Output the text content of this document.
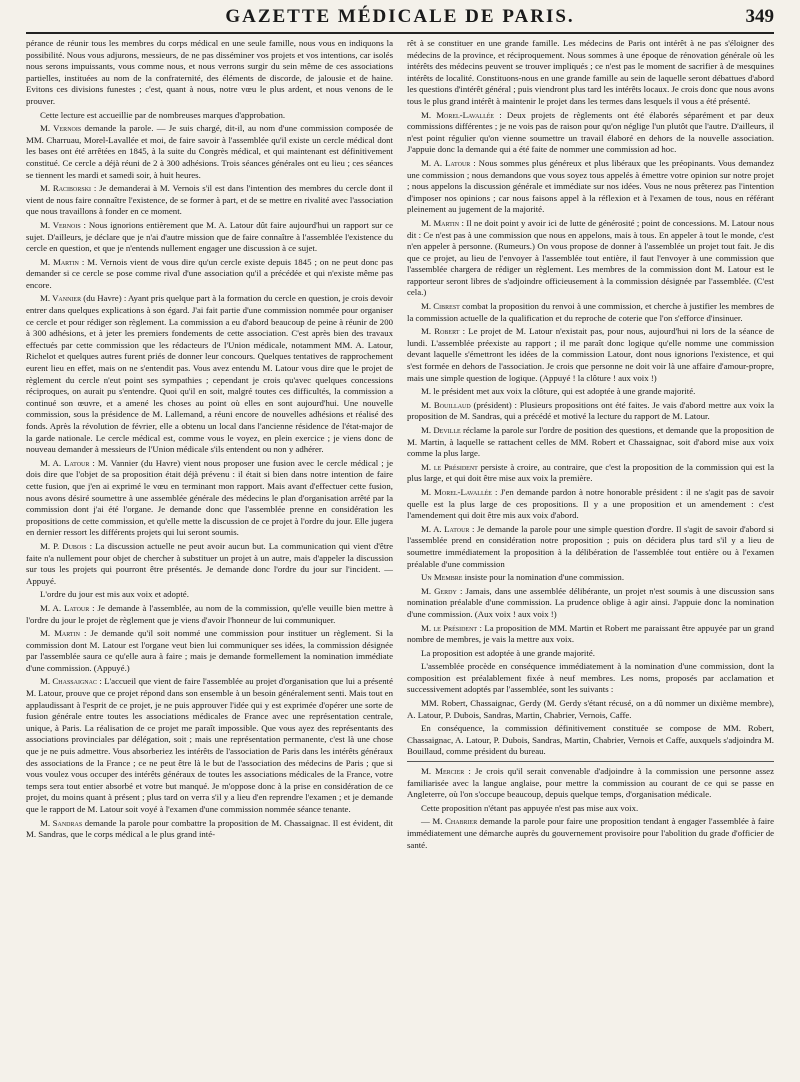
GAZETTE MÉDICALE DE PARIS.	349

pérance de réunir tous les membres du corps médical en une seule famille, nous vous en indiquons la possibilité. Nous vous adjurons, messieurs, de ne pas disséminer vos projets et vos intentions, car isolés nous serons impuissants, vous comme nous, et nous verrons surgir du sein même de ces associations partielles, instituées au nom de la confraternité, des éléments de discorde, de jalousie et de haine. Evitons ces divisions funestes ; c'est, quant à nous, notre vœu le plus ardent, et nous venons de le prouver.

Cette lecture est accueillie par de nombreuses marques d'approbation.

M. Vernois demande la parole. — Je suis chargé, dit-il, au nom d'une commission composée de MM. Charruau, Morel-Lavallée et moi, de faire savoir à l'assemblée qu'il existe un cercle médical dont les bases ont été arrêtées en 1845, à la suite du Congrès médical, et qui maintenant est définitivement constitué. Ce cercle a déjà réuni de 2 à 300 adhésions. Trois séances générales ont eu lieu ; ces séances se tiennent les mardi et samedi soir, à huit heures.

M. Raciborski : Je demanderai à M. Vernois s'il est dans l'intention des membres du cercle dont il vient de nous faire connaître l'existence, de se former à part, et de se mettre en rivalité avec l'association que nous travaillons à fonder en ce moment.

M. Vernois : Nous ignorions entièrement que M. A. Latour dût faire aujourd'hui un rapport sur ce sujet. D'ailleurs, je déclare que je n'ai d'autre mission que de faire connaître à l'assemblée l'existence du cercle en question, et que je n'entends nullement engager une discussion à ce sujet.

M. Martin : M. Vernois vient de vous dire qu'un cercle existe depuis 1845 ; on ne peut donc pas demander si ce cercle se pose comme rival d'une association qu'il a précédée et qui n'existe même pas encore.

M. Vannier (du Havre) : Ayant pris quelque part à la formation du cercle en question, je crois devoir entrer dans quelques explications à son égard. J'ai fait partie d'une commission nommée pour organiser ce cercle et pour rédiger son règlement. La commission a eu d'abord beaucoup de peine à réunir de 200 à 300 adhésions, et à jeter les premiers fondements de cette association. C'est après bien des travaux effectués par cette commission que les rédacteurs de l'Union médicale, notamment MM. A. Latour, Richelot et quelques autres furent priés de donner leur concours. Quelques tentatives de rapprochement eurent lieu en effet, mais on ne s'entendit pas. Vous avez entendu M. Latour vous dire que le projet de règlement du cercle n'eut point ses sympathies ; cependant je crois qu'avec quelques concessions réciproques, on aurait pu s'entendre. Quoi qu'il en soit, malgré toutes ces difficultés, la commission a continué son œuvre, et a amené les choses au point où elles en sont aujourd'hui. Une nouvelle commission, sous la présidence de M. Lallemand, a réuni encore de nouvelles adhésions et réalisé des fonds. Après la révolution de février, elle a obtenu un local dans l'ancienne résidence de l'état-major de la garde nationale. Le cercle médical est, comme vous le voyez, en plein exercice ; je viens donc de nouveau demander à messieurs de l'Union médicale s'ils entendent ou non y adhérer.

M. A. Latour : M. Vannier (du Havre) vient nous proposer une fusion avec le cercle médical ; je dois dire que l'objet de sa proposition était déjà prévenu : il était si bien dans notre intention de faire cette fusion, que j'en ai exprimé le vœu en terminant mon rapport. Mais avant d'effectuer cette fusion, nous avons désiré soumettre à une assemblée générale des médecins le plan d'organisation arrêté par la commission dont j'ai été l'organe. Je demande donc que l'assemblée prenne en considération les propositions de cette commission, et qu'elle mette la discussion de ce projet à l'ordre du jour. Elle jugera en dernier ressort les différents projets qui lui seront soumis.

M. P. Dubois : La discussion actuelle ne peut avoir aucun but. La communication qui vient d'être faite n'a nullement pour objet de chercher à substituer un projet à un autre, mais d'appeler la discussion sur tous les projets qui pourront être présentés. Je demande donc l'ordre du jour sur l'incident. — Appuyé.

L'ordre du jour est mis aux voix et adopté.

M. A. Latour : Je demande à l'assemblée, au nom de la commission, qu'elle veuille bien mettre à l'ordre du jour le projet de règlement que je viens d'avoir l'honneur de lui communiquer.

M. Martin : Je demande qu'il soit nommé une commission pour instituer un règlement. Si la commission dont M. Latour est l'organe veut bien lui communiquer ses idées, la commission désignée par l'assemblée saura ce qu'elle aura à faire ; mais je demande formellement la nomination immédiate d'une commission. (Appuyé.)

M. Chassaignac : L'accueil que vient de faire l'assemblée au projet d'organisation que lui a présenté M. Latour, prouve que ce projet répond dans son ensemble à un besoin généralement senti. Mais tout en applaudissant à l'esprit de ce projet, je ne puis approuver l'idée qui y est exprimée d'opérer une sorte de fusion générale entre toutes les associations médicales de France avec une représentation centrale, unique, à Paris. La réalisation de ce projet me paraît impossible. Que vous ayez des représentants des associations provinciales par délégation, soit ; mais une représentation permanente, c'est là une chose que je ne puis admettre. Vous absorberiez les intérêts de l'association de Paris dans les intérêts généraux des associations de la France ; ce ne peut être là le but de l'association des médecins de Paris ; que si vous voulez vous occuper des intérêts généraux de toutes les associations médicales de la France, votre temps sera tout entier absorbé et votre but manqué. Je m'oppose donc à la prise en considération de ce projet, du moins quant à présent ; plus tard on verra s'il y a lieu d'en reprendre l'examen ; et je demande que le rapport de M. Latour soit voyé à l'examen d'une commission nommée séance tenante.

M. Sandras demande la parole pour combattre la proposition de M. Chassaignac. Il est évident, dit M. Sandras, que le corps médical a le plus grand inté-

rêt à se constituer en une grande famille. Les médecins de Paris ont intérêt à ne pas s'éloigner des médecins de la province, et réciproquement. Nous sommes à une époque de rénovation générale où les intérêts des médecins peuvent se trouver impliqués ; ce n'est pas le moment de sacrifier à de mesquines intérêts de localité. Constituons-nous en une grande famille au sein de laquelle seront débattues d'abord les questions d'intérêt général ; puis viendront plus tard les intérêts locaux. Je crois donc que nous avons tous le plus grand intérêt à maintenir le projet dans les termes dans lesquels il vous a été présenté.

M. Morel-Lavallée : Deux projets de règlements ont été élaborés séparément et par deux commissions différentes ; je ne vois pas de raison pour qu'on néglige l'un plutôt que l'autre. D'ailleurs, il n'est point régulier qu'on vienne soumettre un travail élaboré en dehors de la nouvelle association. J'appuie donc la demande qui a été faite de nommer une commission ad hoc.

M. A. Latour : Nous sommes plus généreux et plus libéraux que les préopinants. Vous demandez une commission ; nous demandons que vous soyez tous appelés à émettre votre opinion sur notre projet ; nous appelons la discussion générale et immédiate sur nos idées. Vous ne nous prêterez pas l'intention d'imposer nos opinions ; car nous faisons appel à la réflexion et à l'examen de tous, nous en référant pleinement au jugement de la majorité.

M. Martin : Il ne doit point y avoir ici de lutte de générosité ; point de concessions. M. Latour nous dit : Ce n'est pas à une commission que nous en appelons, mais à tous. En appeler à tout le monde, c'est n'en appeler à personne. (Rumeurs.) On vous propose de donner à l'assemblée un projet tout fait. Je dis que ce projet, au lieu de l'envoyer à l'assemblée tout entière, il faut l'envoyer à une commission que l'assemblée chargera de rédiger un règlement. Les membres de la commission dont M. Latour est le rapporteur seront libres de s'adjoindre officieusement à la commission désignée par l'assemblée. (C'est cela.)

M. Cibrest combat la proposition du renvoi à une commission, et cherche à justifier les membres de la commission actuelle de la qualification et du reproche de coterie que l'on s'efforce d'insinuer.

M. Robert : Le projet de M. Latour n'existait pas, pour nous, aujourd'hui ni lors de la séance de lundi. L'assemblée préexiste au rapport ; il me paraît donc logique qu'elle nomme une commission devant laquelle s'émettront les idées de la commission Latour, dont nous ignorions l'existence, et qui s'est formée en dehors de l'association. Je crois que personne ne doit voir là une affaire d'amour-propre, mais une simple question de logique. (Appuyé ! la clôture ! aux voix !)

M. le président met aux voix la clôture, qui est adoptée à une grande majorité.

M. Bouillaud (président) : Plusieurs propositions ont été faites. Je vais d'abord mettre aux voix la proposition de M. Sandras, qui a précédé et motivé la lecture du rapport de M. Latour.

M. Deville réclame la parole sur l'ordre de position des questions, et demande que la proposition de M. Martin, à laquelle se rattachent celles de MM. Robert et Chassaignac, soit d'abord mise aux voix comme la plus large.

M. le Président persiste à croire, au contraire, que c'est la proposition de la commission qui est la plus large, et qui doit être mise aux voix la première.

M. Morel-Lavallée : J'en demande pardon à notre honorable président : il ne s'agit pas de savoir quelle est la plus large de ces propositions. Il y a une proposition et un amendement : c'est l'amendement qui doit être mis aux voix d'abord.

M. A. Latour : Je demande la parole pour une simple question d'ordre. Il s'agit de savoir d'abord si l'assemblée prend en considération notre proposition ; puis on décidera plus tard s'il y a lieu de soumettre immédiatement la proposition à la délibération de l'assemblée tout entière ou à l'examen préalable d'une commission

Un Membre insiste pour la nomination d'une commission.

M. Gerdy : Jamais, dans une assemblée délibérante, un projet n'est soumis à une discussion sans nomination préalable d'une commission. La prudence oblige à agir ainsi. J'appuie donc la nomination d'une commission. (Aux voix ! aux voix !)

M. le Président : La proposition de MM. Martin et Robert me paraissant être appuyée par un grand nombre de membres, je vais la mettre aux voix.

La proposition est adoptée à une grande majorité.

L'assemblée procède en conséquence immédiatement à la nomination d'une commission, dont la composition est préalablement fixée à neuf membres. Les noms, proposés par acclamation et successivement adoptés par l'assemblée, sont les suivants :

MM. Robert, Chassaignac, Gerdy (M. Gerdy s'étant récusé, on a dû nommer un dixième membre), A. Latour, P. Dubois, Sandras, Martin, Chabrier, Vernois, Caffe.

En conséquence, la commission définitivement constituée se compose de MM. Robert, Chassaignac, A. Latour, P. Dubois, Sandras, Martin, Chabrier, Vernois et Caffe, auxquels s'adjoindra M. Bouillaud, comme président du bureau.

M. Mercier : Je crois qu'il serait convenable d'adjoindre à la commission une personne assez familiarisée avec la langue anglaise, pour mettre la commission au courant de ce qui se passe en Angleterre, où l'on s'occupe beaucoup, depuis quelque temps, d'organisation médicale.

Cette proposition n'étant pas appuyée n'est pas mise aux voix.

— M. Chabrier demande la parole pour faire une proposition tendant à engager l'assemblée à faire immédiatement une démarche auprès du gouvernement provisoire pour l'abolition du grade d'officier de santé.
